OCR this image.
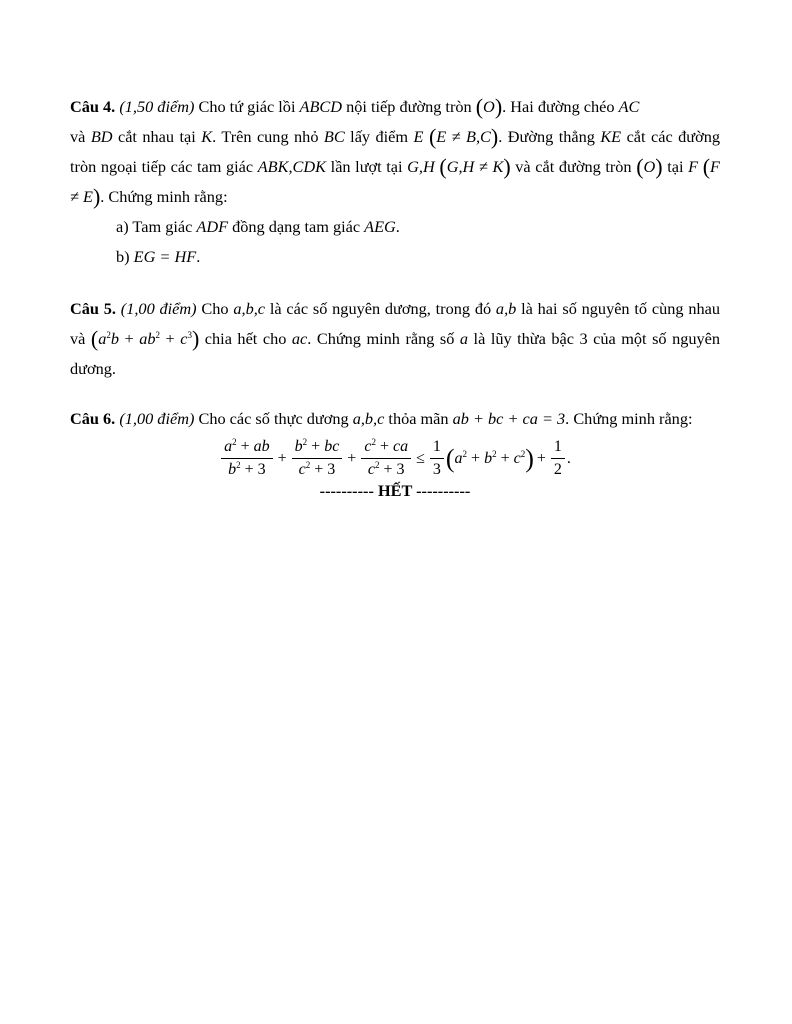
Câu 4. (1,50 điểm) Cho tứ giác lồi ABCD nội tiếp đường tròn (O). Hai đường chéo AC
và BD cắt nhau tại K. Trên cung nhỏ BC lấy điểm E (E ≠ B,C). Đường thẳng KE cắt các đường tròn ngoại tiếp các tam giác ABK,CDK lần lượt tại G,H (G,H ≠ K) và cắt đường tròn (O) tại F (F ≠ E). Chứng minh rằng:

a) Tam giác ADF đồng dạng tam giác AEG.
b) EG = HF.

Câu 5. (1,00 điểm) Cho a,b,c là các số nguyên dương, trong đó a,b là hai số nguyên tố cùng nhau và $(a^2b + ab^2 + c^3)$ chia hết cho ac. Chứng minh rằng số a là lũy thừa bậc 3 của một số nguyên dương.

Câu 6. (1,00 điểm) Cho các số thực dương a,b,c thỏa mãn ab + bc + ca = 3. Chứng minh rằng:

$\frac{a^2 + ab}{b^2 + 3} + \frac{b^2 + bc}{c^2 + 3} + \frac{c^2 + ca}{c^2 + 3} \le \frac{1}{3}$ ( $a^2 + b^2 + c^2$ ) + $\frac{1}{2}$ .
---------- HẾT ----------
